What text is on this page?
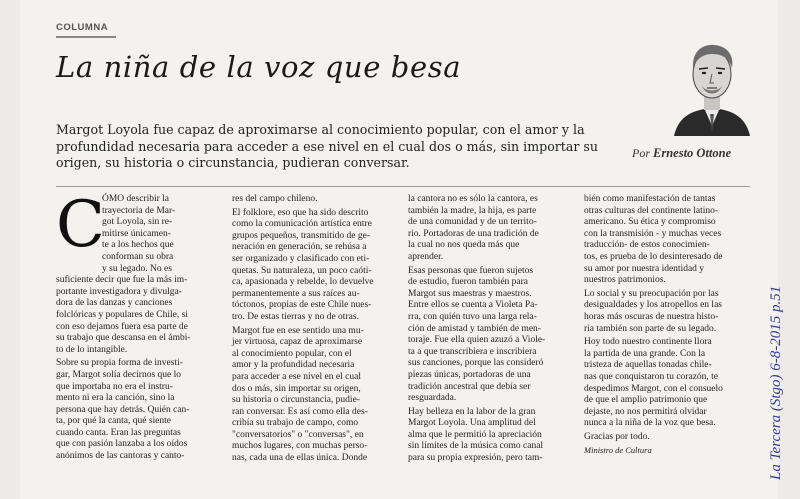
COLUMNA
La niña de la voz que besa

Margot Loyola fue capaz de aproximarse al conocimiento popular, con el amor y la

profundidad necesaria para acceder a ese nivel en el cual dos o más, sin importar su

origen, su historia o circunstancia, pudieran conversar.

Por Ernesto Ottone
C

ÓMO describir la

trayectoria de Mar-

got Loyola, sin re-

mitirse únicamen-

te a los hechos que

conforman su obra

y su legado. No es

suficiente decir que fue la más im-

portante investigadora y divulga-

dora de las danzas y canciones

folclóricas y populares de Chile, si

con eso dejamos fuera esa parte de

su trabajo que descansa en el ámbi-

to de lo intangible.

Sobre su propia forma de investi-

gar, Margot solía decirnos que lo

que importaba no era el instru-

mento ni era la canción, sino la

persona que hay detrás. Quién can-

ta, por qué la canta, qué siente

cuando canta. Eran las preguntas

que con pasión lanzaba a los oídos

anónimos de las cantoras y canto-

res del campo chileno.

El folklore, eso que ha sido descrito

como la comunicación artística entre

grupos pequeños, transmitido de ge-

neración en generación, se rehúsa a

ser organizado y clasificado con eti-

quetas. Su naturaleza, un poco caóti-

ca, apasionada y rebelde, lo devuelve

permanentemente a sus raíces au-

tóctonos, propias de este Chile nues-

tro. De estas tierras y no de otras.

Margot fue en ese sentido una mu-

jer virtuosa, capaz de aproximarse

al conocimiento popular, con el

amor y la profundidad necesaria

para acceder a ese nivel en el cual

dos o más, sin importar su origen,

su historia o circunstancia, pudie-

ran conversar. Es así como ella des-

cribía su trabajo de campo, como

"conversatorios" o "conversas", en

muchos lugares, con muchas perso-

nas, cada una de ellas única. Donde

la cantora no es sólo la cantora, es

también la madre, la hija, es parte

de una comunidad y de un territo-

rio. Portadoras de una tradición de

la cual no nos queda más que

aprender.

Esas personas que fueron sujetos

de estudio, fueron también para

Margot sus maestras y maestros.

Entre ellos se cuenta a Violeta Pa-

rra, con quién tuvo una larga rela-

ción de amistad y también de men-

toraje. Fue ella quien azuzó a Viole-

ta a que transcribiera e inscribiera

sus canciones, porque las consideró

piezas únicas, portadoras de una

tradición ancestral que debía ser

resguardada.

Hay belleza en la labor de la gran

Margot Loyola. Una amplitud del

alma que le permitió la apreciación

sin límites de la música como canal

para su propia expresión, pero tam-

bién como manifestación de tantas

otras culturas del continente latino-

americano. Su ética y compromiso

con la transmisión - y muchas veces

traducción- de estos conocimien-

tos, es prueba de lo desinteresado de

su amor por nuestra identidad y

nuestros patrimonios.

Lo social y su preocupación por las

desigualdades y los atropellos en las

horas más oscuras de nuestra histo-

ria también son parte de su legado.

Hoy todo nuestro continente llora

la partida de una grande. Con la

tristeza de aquellas tonadas chile-

nas que conquistaron tu corazón, te

despedimos Margot, con el consuelo

de que el amplio patrimonio que

dejaste, no nos permitirá olvidar

nunca a la niña de la voz que besa.

Gracias por todo.

Ministro de Cultura	La Tercera (Stgo) 6-8-2015 p.51
